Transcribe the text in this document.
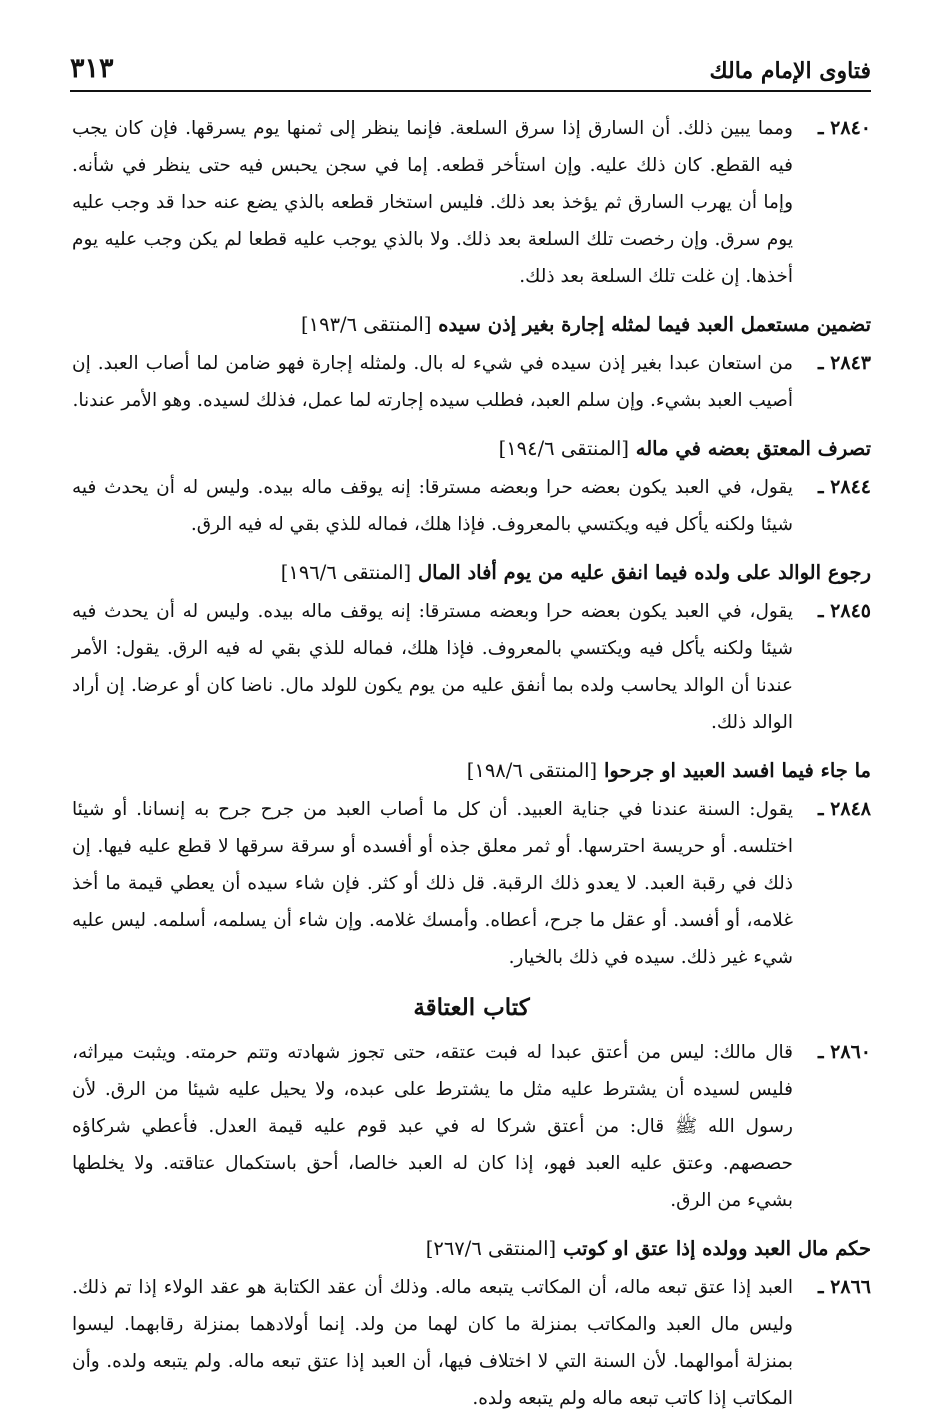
فتاوى الإمام مالك
٣١٣
٢٨٤٠ ـ
ومما يبين ذلك. أن السارق إذا سرق السلعة. فإنما ينظر إلى ثمنها يوم يسرقها. فإن كان يجب فيه القطع. كان ذلك عليه. وإن استأخر قطعه. إما في سجن يحبس فيه حتى ينظر في شأنه. وإما أن يهرب السارق ثم يؤخذ بعد ذلك. فليس استخار قطعه بالذي يضع عنه حدا قد وجب عليه يوم سرق. وإن رخصت تلك السلعة بعد ذلك. ولا بالذي يوجب عليه قطعا لم يكن وجب عليه يوم أخذها. إن غلت تلك السلعة بعد ذلك.
تضمين مستعمل العبد فيما لمثله إجارة بغير إذن سيده [المنتقى ١٩٣/٦]
٢٨٤٣ ـ
من استعان عبدا بغير إذن سيده في شيء له بال. ولمثله إجارة فهو ضامن لما أصاب العبد. إن أصيب العبد بشيء. وإن سلم العبد، فطلب سيده إجارته لما عمل، فذلك لسيده. وهو الأمر عندنا.
تصرف المعتق بعضه في ماله [المنتقى ١٩٤/٦]
٢٨٤٤ ـ
يقول، في العبد يكون بعضه حرا وبعضه مسترقا: إنه يوقف ماله بيده. وليس له أن يحدث فيه شيئا ولكنه يأكل فيه ويكتسي بالمعروف. فإذا هلك، فماله للذي بقي له فيه الرق.
رجوع الوالد على ولده فيما انفق عليه من يوم أفاد المال [المنتقى ١٩٦/٦]
٢٨٤٥ ـ
يقول، في العبد يكون بعضه حرا وبعضه مسترقا: إنه يوقف ماله بيده. وليس له أن يحدث فيه شيئا ولكنه يأكل فيه ويكتسي بالمعروف. فإذا هلك، فماله للذي بقي له فيه الرق. يقول: الأمر عندنا أن الوالد يحاسب ولده بما أنفق عليه من يوم يكون للولد مال. ناضا كان أو عرضا. إن أراد الوالد ذلك.
ما جاء فيما افسد العبيد او جرحوا [المنتقى ١٩٨/٦]
٢٨٤٨ ـ
يقول: السنة عندنا في جناية العبيد. أن كل ما أصاب العبد من جرح جرح به إنسانا. أو شيئا اختلسه. أو حريسة احترسها. أو ثمر معلق جذه أو أفسده أو سرقة سرقها لا قطع عليه فيها. إن ذلك في رقبة العبد. لا يعدو ذلك الرقبة. قل ذلك أو كثر. فإن شاء سيده أن يعطي قيمة ما أخذ غلامه، أو أفسد. أو عقل ما جرح، أعطاه. وأمسك غلامه. وإن شاء أن يسلمه، أسلمه. ليس عليه شيء غير ذلك. سيده في ذلك بالخيار.
كتاب العتاقة
٢٨٦٠ ـ
قال مالك: ليس من أعتق عبدا له فبت عتقه، حتى تجوز شهادته وتتم حرمته. ويثبت ميراثه، فليس لسيده أن يشترط عليه مثل ما يشترط على عبده، ولا يحيل عليه شيئا من الرق. لأن رسول الله ﷺ قال: من أعتق شركا له في عبد قوم عليه قيمة العدل. فأعطي شركاؤه حصصهم. وعتق عليه العبد فهو، إذا كان له العبد خالصا، أحق باستكمال عتاقته. ولا يخلطها بشيء من الرق.
حكم مال العبد وولده إذا عتق او كوتب [المنتقى ٢٦٧/٦]
٢٨٦٦ ـ
العبد إذا عتق تبعه ماله، أن المكاتب يتبعه ماله. وذلك أن عقد الكتابة هو عقد الولاء إذا تم ذلك. وليس مال العبد والمكاتب بمنزلة ما كان لهما من ولد. إنما أولادهما بمنزلة رقابهما. ليسوا بمنزلة أموالهما. لأن السنة التي لا اختلاف فيها، أن العبد إذا عتق تبعه ماله. ولم يتبعه ولده. وأن المكاتب إذا كاتب تبعه ماله ولم يتبعه ولده.
